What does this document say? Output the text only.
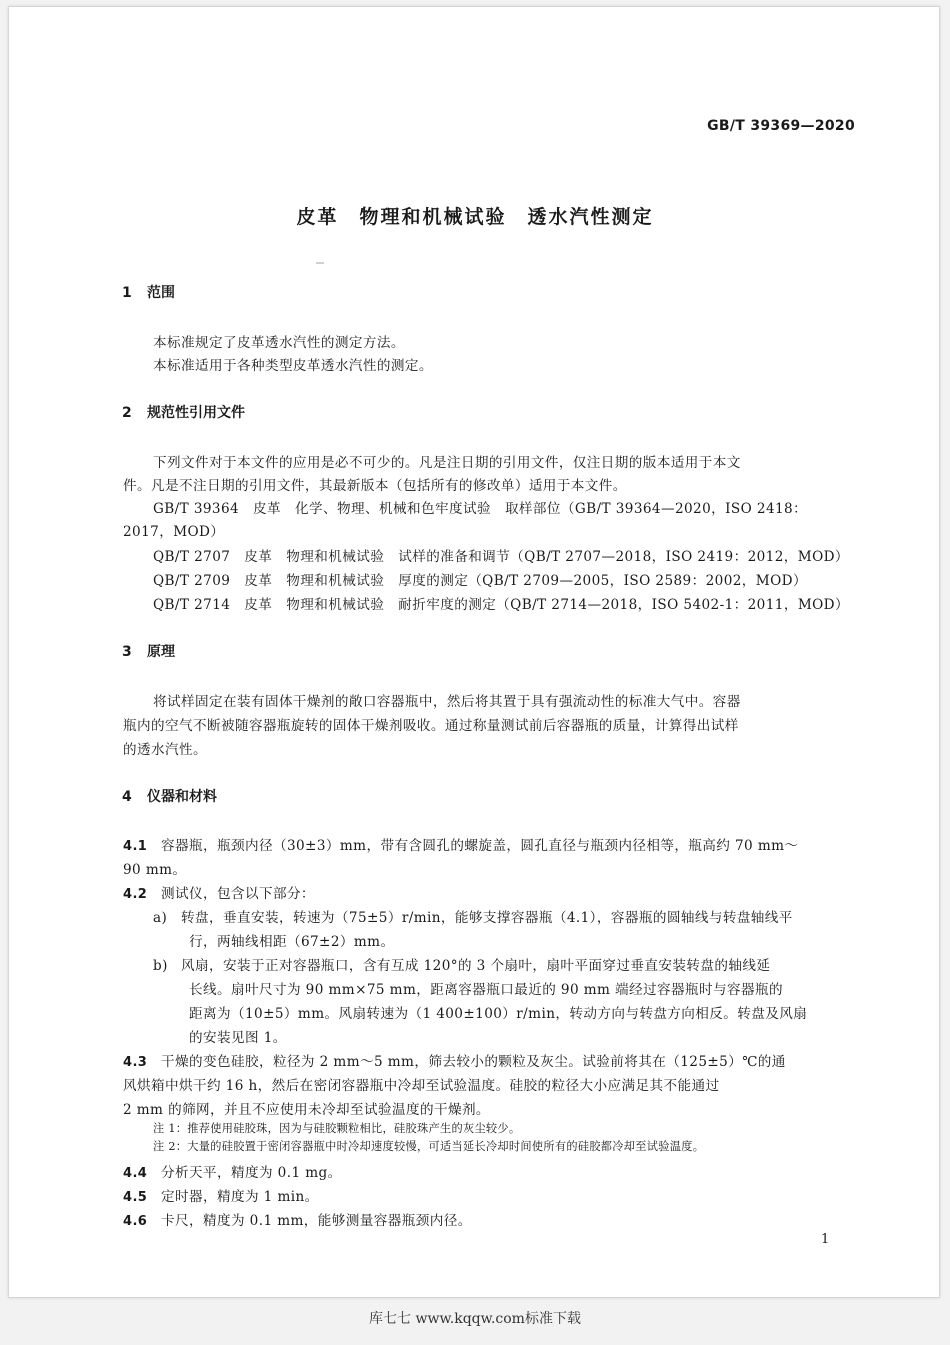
GB/T 39369—2020
皮革　物理和机械试验　透水汽性测定
1 范围
本标准规定了皮革透水汽性的测定方法。
本标准适用于各种类型皮革透水汽性的测定。
2 规范性引用文件
下列文件对于本文件的应用是必不可少的。凡是注日期的引用文件，仅注日期的版本适用于本文
件。凡是不注日期的引用文件，其最新版本（包括所有的修改单）适用于本文件。
GB/T 39364　皮革　化学、物理、机械和色牢度试验　取样部位（GB/T 39364—2020，ISO 2418：
2017，MOD）
QB/T 2707　皮革　物理和机械试验　试样的准备和调节（QB/T 2707—2018，ISO 2419：2012，MOD）
QB/T 2709　皮革　物理和机械试验　厚度的测定（QB/T 2709—2005，ISO 2589：2002，MOD）
QB/T 2714　皮革　物理和机械试验　耐折牢度的测定（QB/T 2714—2018，ISO 5402-1：2011，MOD）
3 原理
将试样固定在装有固体干燥剂的敞口容器瓶中，然后将其置于具有强流动性的标准大气中。容器
瓶内的空气不断被随容器瓶旋转的固体干燥剂吸收。通过称量测试前后容器瓶的质量，计算得出试样
的透水汽性。
4 仪器和材料
4.1 容器瓶，瓶颈内径（30±3）mm，带有含圆孔的螺旋盖，圆孔直径与瓶颈内径相等，瓶高约 70 mm～
90 mm。
4.2 测试仪，包含以下部分：
a) 转盘，垂直安装，转速为（75±5）r/min，能够支撑容器瓶（4.1），容器瓶的圆轴线与转盘轴线平
行，两轴线相距（67±2）mm。
b) 风扇，安装于正对容器瓶口，含有互成 120°的 3 个扇叶，扇叶平面穿过垂直安装转盘的轴线延
长线。扇叶尺寸为 90 mm×75 mm，距离容器瓶口最近的 90 mm 端经过容器瓶时与容器瓶的
距离为（10±5）mm。风扇转速为（1 400±100）r/min，转动方向与转盘方向相反。转盘及风扇
的安装见图 1。
4.3 干燥的变色硅胶，粒径为 2 mm～5 mm，筛去较小的颗粒及灰尘。试验前将其在（125±5）℃的通
风烘箱中烘干约 16 h，然后在密闭容器瓶中冷却至试验温度。硅胶的粒径大小应满足其不能通过
2 mm 的筛网，并且不应使用未冷却至试验温度的干燥剂。
注 1：推荐使用硅胶珠，因为与硅胶颗粒相比，硅胶珠产生的灰尘较少。
注 2：大量的硅胶置于密闭容器瓶中时冷却速度较慢，可适当延长冷却时间使所有的硅胶都冷却至试验温度。
4.4 分析天平，精度为 0.1 mg。
4.5 定时器，精度为 1 min。
4.6 卡尺，精度为 0.1 mm，能够测量容器瓶颈内径。
1
库七七 www.kqqw.com标准下载
